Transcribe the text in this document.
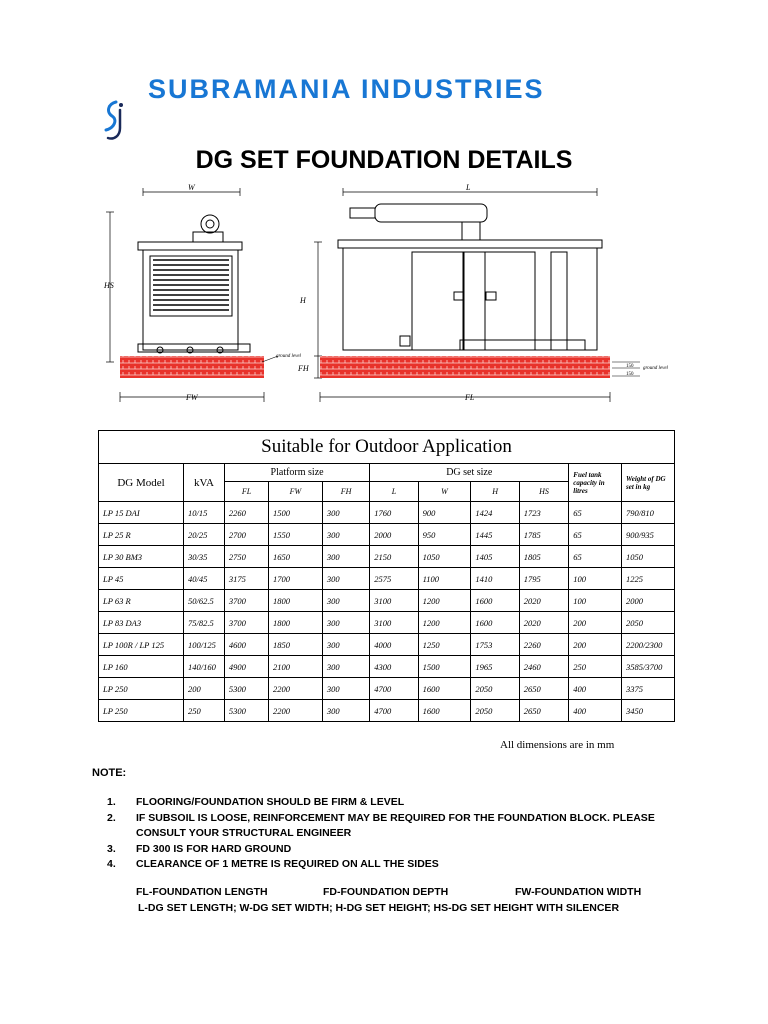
SUBRAMANIA INDUSTRIES
DG SET FOUNDATION DETAILS
W
HS
ground level
FW
L
H
FH	150
150
ground level
FL
Suitable for Outdoor Application										
DG Model	kVA	Platform size			DG set size				Fuel tank capacity in litres	Weight of DG set in kg
		FL	FW	FH	L	W	H	HS		
LP 15 DAI	10/15	2260	1500	300	1760	900	1424	1723	65	790/810
LP 25 R	20/25	2700	1550	300	2000	950	1445	1785	65	900/935
LP 30 BM3	30/35	2750	1650	300	2150	1050	1405	1805	65	1050
LP 45	40/45	3175	1700	300	2575	1100	1410	1795	100	1225
LP 63 R	50/62.5	3700	1800	300	3100	1200	1600	2020	100	2000
LP 83 DA3	75/82.5	3700	1800	300	3100	1200	1600	2020	200	2050
LP 100R / LP 125	100/125	4600	1850	300	4000	1250	1753	2260	200	2200/2300
LP 160	140/160	4900	2100	300	4300	1500	1965	2460	250	3585/3700
LP 250	200	5300	2200	300	4700	1600	2050	2650	400	3375
LP 250	250	5300	2200	300	4700	1600	2050	2650	400	3450
All dimensions are in mm
NOTE:
1.	FLOORING/FOUNDATION SHOULD BE FIRM & LEVEL
2.	IF SUBSOIL IS LOOSE, REINFORCEMENT MAY BE REQUIRED FOR THE FOUNDATION BLOCK. PLEASE CONSULT YOUR STRUCTURAL ENGINEER
3.	FD 300 IS FOR HARD GROUND
4.	CLEARANCE OF 1 METRE IS REQUIRED ON ALL THE SIDES
FL-FOUNDATION LENGTH	FD-FOUNDATION DEPTH	FW-FOUNDATION WIDTH
L-DG SET LENGTH; W-DG SET WIDTH; H-DG SET HEIGHT; HS-DG SET HEIGHT WITH SILENCER
